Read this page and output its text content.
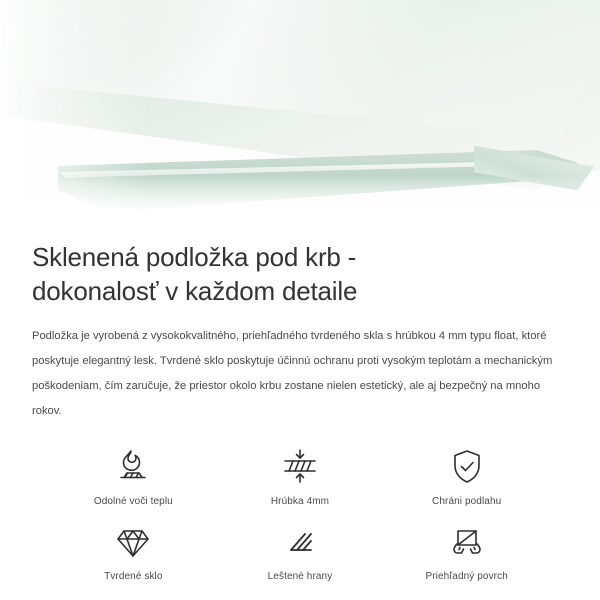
Sklenená podložka pod krb -
dokonalosť v každom detaile

Podložka je vyrobená z vysokokvalitného, priehľadného tvrdeného skla s hrúbkou 4 mm typu float, ktoré poskytuje elegantný lesk. Tvrdené sklo poskytuje účinnú ochranu proti vysokým teplotám a mechanickým poškodeniam, čím zaručuje, že priestor okolo krbu zostane nielen estetický, ale aj bezpečný na mnoho rokov.

Odolné voči teplu	Hrúbka 4mm	Chráni podlahu
Tvrdené sklo	Leštené hrany	Priehľadný povrch
